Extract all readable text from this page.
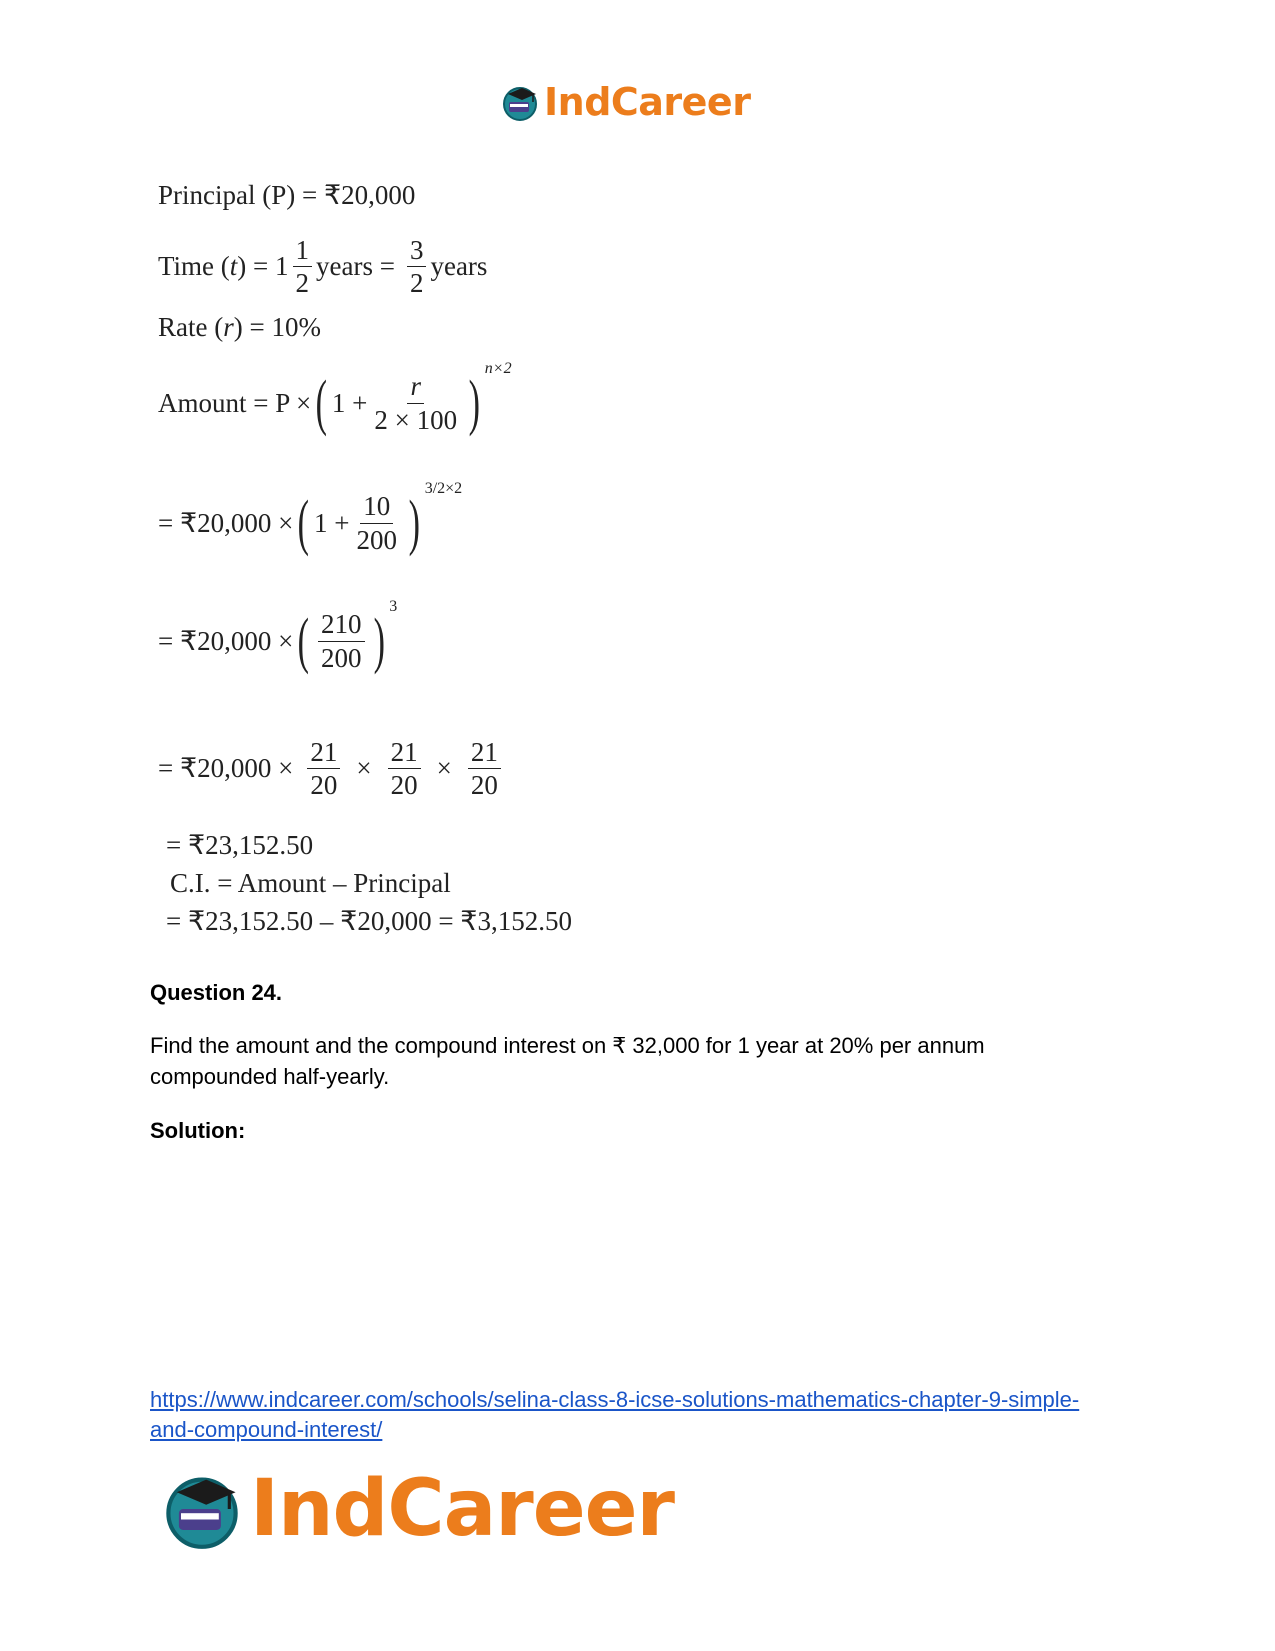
IndCareer
Principal (P) = ₹20,000
Time ( t ) = $1 \frac{1}{2}$ years = $\frac{3}{2}$ years
Rate ( r ) = 10%
Amount = P × ( $1 + \frac{r}{2 \times 100}$ )
n×2
= ₹20,000 × ( $1 + \frac{10}{200}$ )
3/2×2
= ₹20,000 × ( $\frac{210}{200}$ )
3
= ₹20,000 × $\frac{21}{20} \times \frac{21}{20} \times \frac{21}{20}$
= ₹23,152.50
C.I. = Amount – Principal
= ₹23,152.50 – ₹20,000 = ₹3,152.50
Question 24.
Find the amount and the compound interest on ₹ 32,000 for 1 year at 20% per annum compounded half-yearly.
Solution:
https://www.indcareer.com/schools/selina-class-8-icse-solutions-mathematics-chapter-9-simple-and-compound-interest/
IndCareer
